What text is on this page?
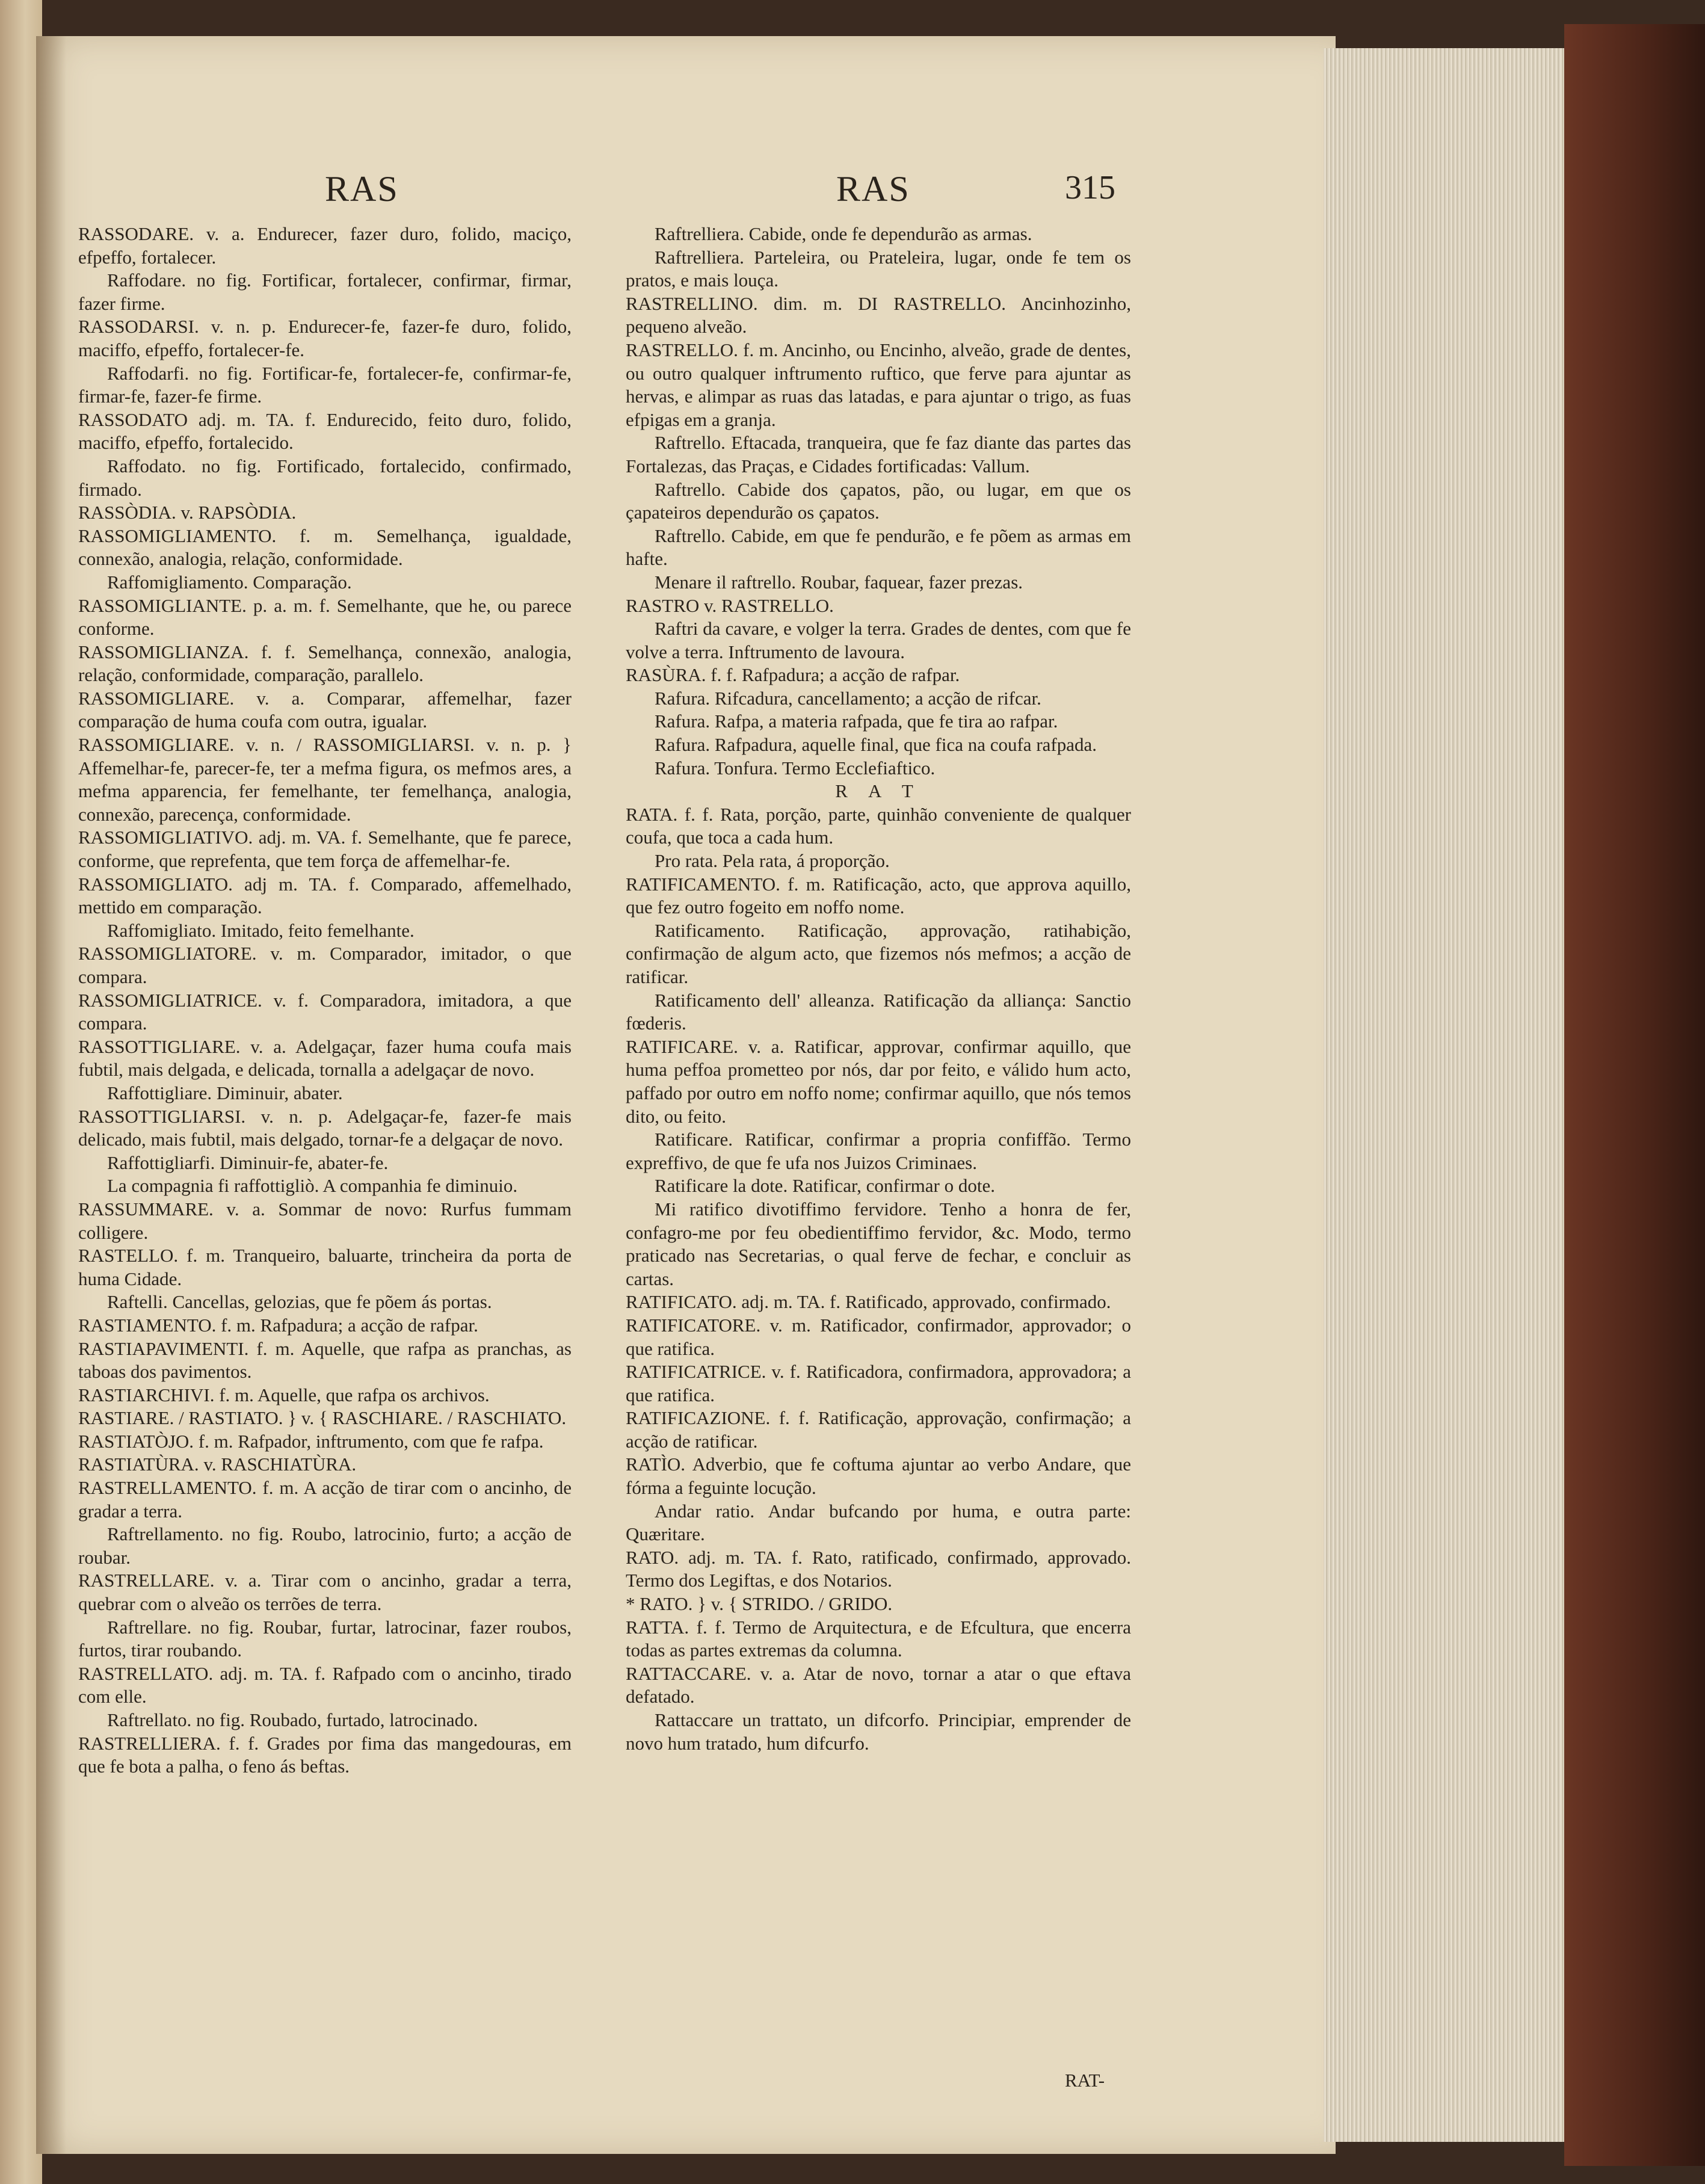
RAS	RAS	315

RASSODARE. v. a. Endurecer, fazer duro, folido, maciço, efpeffo, fortalecer.

Raffodare. no fig. Fortificar, fortalecer, confirmar, firmar, fazer firme.

RASSODARSI. v. n. p. Endurecer-fe, fazer-fe duro, folido, maciffo, efpeffo, fortalecer-fe.

Raffodarfi. no fig. Fortificar-fe, fortalecer-fe, confirmar-fe, firmar-fe, fazer-fe firme.

RASSODATO adj. m. TA. f. Endurecido, feito duro, folido, maciffo, efpeffo, fortalecido.

Raffodato. no fig. Fortificado, fortalecido, confirmado, firmado.

RASSÒDIA. v. RAPSÒDIA.

RASSOMIGLIAMENTO. f. m. Semelhança, igualdade, connexão, analogia, relação, conformidade.

Raffomigliamento. Comparação.

RASSOMIGLIANTE. p. a. m. f. Semelhante, que he, ou parece conforme.

RASSOMIGLIANZA. f. f. Semelhança, connexão, analogia, relação, conformidade, comparação, parallelo.

RASSOMIGLIARE. v. a. Comparar, affemelhar, fazer comparação de huma coufa com outra, igualar.

RASSOMIGLIARE. v. n. / RASSOMIGLIARSI. v. n. p. } Affemelhar-fe, parecer-fe, ter a mefma figura, os mefmos ares, a mefma apparencia, fer femelhante, ter femelhança, analogia, connexão, parecença, conformidade.

RASSOMIGLIATIVO. adj. m. VA. f. Semelhante, que fe parece, conforme, que reprefenta, que tem força de affemelhar-fe.

RASSOMIGLIATO. adj m. TA. f. Comparado, affemelhado, mettido em comparação.

Raffomigliato. Imitado, feito femelhante.

RASSOMIGLIATORE. v. m. Comparador, imitador, o que compara.

RASSOMIGLIATRICE. v. f. Comparadora, imitadora, a que compara.

RASSOTTIGLIARE. v. a. Adelgaçar, fazer huma coufa mais fubtil, mais delgada, e delicada, tornalla a adelgaçar de novo.

Raffottigliare. Diminuir, abater.

RASSOTTIGLIARSI. v. n. p. Adelgaçar-fe, fazer-fe mais delicado, mais fubtil, mais delgado, tornar-fe a delgaçar de novo.

Raffottigliarfi. Diminuir-fe, abater-fe.

La compagnia fi raffottigliò. A companhia fe diminuio.

RASSUMMARE. v. a. Sommar de novo: Rurfus fummam colligere.

RASTELLO. f. m. Tranqueiro, baluarte, trincheira da porta de huma Cidade.

Raftelli. Cancellas, gelozias, que fe põem ás portas.

RASTIAMENTO. f. m. Rafpadura; a acção de rafpar.

RASTIAPAVIMENTI. f. m. Aquelle, que rafpa as pranchas, as taboas dos pavimentos.

RASTIARCHIVI. f. m. Aquelle, que rafpa os archivos.

RASTIARE. / RASTIATO. } v. { RASCHIARE. / RASCHIATO.

RASTIATÒJO. f. m. Rafpador, inftrumento, com que fe rafpa.

RASTIATÙRA. v. RASCHIATÙRA.

RASTRELLAMENTO. f. m. A acção de tirar com o ancinho, de gradar a terra.

Raftrellamento. no fig. Roubo, latrocinio, furto; a acção de roubar.

RASTRELLARE. v. a. Tirar com o ancinho, gradar a terra, quebrar com o alveão os terrões de terra.

Raftrellare. no fig. Roubar, furtar, latrocinar, fazer roubos, furtos, tirar roubando.

RASTRELLATO. adj. m. TA. f. Rafpado com o ancinho, tirado com elle.

Raftrellato. no fig. Roubado, furtado, latrocinado.

RASTRELLIERA. f. f. Grades por fima das mangedouras, em que fe bota a palha, o feno ás beftas.

Raftrelliera. Cabide, onde fe dependurão as armas.

Raftrelliera. Parteleira, ou Prateleira, lugar, onde fe tem os pratos, e mais louça.

RASTRELLINO. dim. m. DI RASTRELLO. Ancinhozinho, pequeno alveão.

RASTRELLO. f. m. Ancinho, ou Encinho, alveão, grade de dentes, ou outro qualquer inftrumento ruftico, que ferve para ajuntar as hervas, e alimpar as ruas das latadas, e para ajuntar o trigo, as fuas efpigas em a granja.

Raftrello. Eftacada, tranqueira, que fe faz diante das partes das Fortalezas, das Praças, e Cidades fortificadas: Vallum.

Raftrello. Cabide dos çapatos, pão, ou lugar, em que os çapateiros dependurão os çapatos.

Raftrello. Cabide, em que fe pendurão, e fe põem as armas em hafte.

Menare il raftrello. Roubar, faquear, fazer prezas.

RASTRO v. RASTRELLO.

Raftri da cavare, e volger la terra. Grades de dentes, com que fe volve a terra. Inftrumento de lavoura.

RASÙRA. f. f. Rafpadura; a acção de rafpar.

Rafura. Rifcadura, cancellamento; a acção de rifcar.

Rafura. Rafpa, a materia rafpada, que fe tira ao rafpar.

Rafura. Rafpadura, aquelle final, que fica na coufa rafpada.

Rafura. Tonfura. Termo Ecclefiaftico.

R A T

RATA. f. f. Rata, porção, parte, quinhão conveniente de qualquer coufa, que toca a cada hum.

Pro rata. Pela rata, á proporção.

RATIFICAMENTO. f. m. Ratificação, acto, que approva aquillo, que fez outro fogeito em noffo nome.

Ratificamento. Ratificação, approvação, ratihabição, confirmação de algum acto, que fizemos nós mefmos; a acção de ratificar.

Ratificamento dell' alleanza. Ratificação da alliança: Sanctio fœderis.

RATIFICARE. v. a. Ratificar, approvar, confirmar aquillo, que huma peffoa prometteo por nós, dar por feito, e válido hum acto, paffado por outro em noffo nome; confirmar aquillo, que nós temos dito, ou feito.

Ratificare. Ratificar, confirmar a propria confiffão. Termo expreffivo, de que fe ufa nos Juizos Criminaes.

Ratificare la dote. Ratificar, confirmar o dote.

Mi ratifico divotiffimo fervidore. Tenho a honra de fer, confagro-me por feu obedientiffimo fervidor, &c. Modo, termo praticado nas Secretarias, o qual ferve de fechar, e concluir as cartas.

RATIFICATO. adj. m. TA. f. Ratificado, approvado, confirmado.

RATIFICATORE. v. m. Ratificador, confirmador, approvador; o que ratifica.

RATIFICATRICE. v. f. Ratificadora, confirmadora, approvadora; a que ratifica.

RATIFICAZIONE. f. f. Ratificação, approvação, confirmação; a acção de ratificar.

RATÌO. Adverbio, que fe coftuma ajuntar ao verbo Andare, que fórma a feguinte locução.

Andar ratio. Andar bufcando por huma, e outra parte: Quæritare.

RATO. adj. m. TA. f. Rato, ratificado, confirmado, approvado. Termo dos Legiftas, e dos Notarios.

* RATO. } v. { STRIDO. / GRIDO.

RATTA. f. f. Termo de Arquitectura, e de Efcultura, que encerra todas as partes extremas da columna.

RATTACCARE. v. a. Atar de novo, tornar a atar o que eftava defatado.

Rattaccare un trattato, un difcorfo. Principiar, emprender de novo hum tratado, hum difcurfo.

RAT-
